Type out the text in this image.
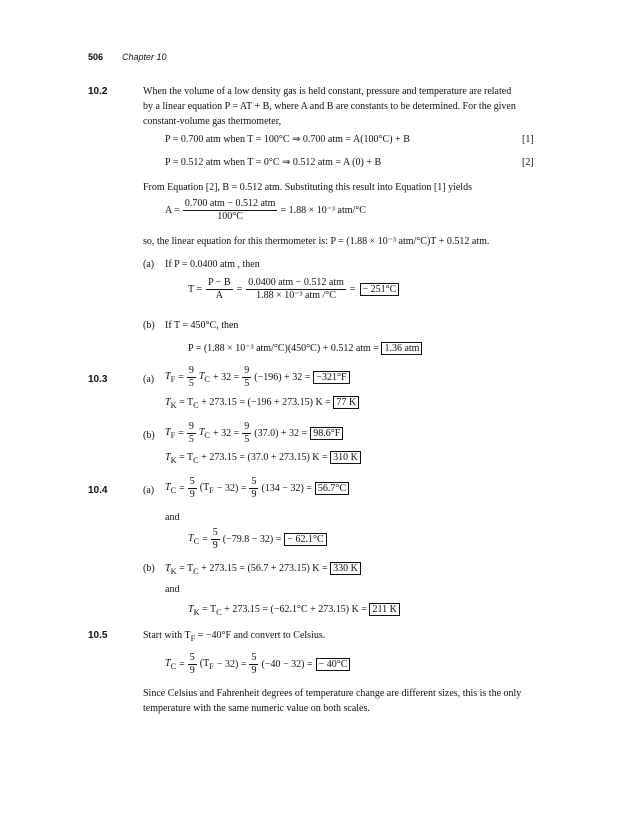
506 Chapter 10
10.2	When the volume of a low density gas is held constant, pressure and temperature are related
by a linear equation P = AT + B, where A and B are constants to be determined. For the given
constant-volume gas thermometer,
P = 0.700 atm when T = 100°C ⇒ 0.700 atm = A(100°C) + B	[1]
P = 0.512 atm when T = 0°C ⇒ 0.512 atm = A (0) + B	[2]
From Equation [2], B = 0.512 atm. Substituting this result into Equation [1] yields
$A = \frac{\text{0.700 atm − 0.512 atm}}{100^\circ C} = 1.88 \times 10^{-3}$ atm/°C
so, the linear equation for this thermometer is: P = (1.88 × 10⁻³ atm/°C)T + 0.512 atm.
(a) If P = 0.0400 atm , then
$T = \frac{P - B}{A} = \frac{\text{0.0400 atm − 0.512 atm}}{\text{1.88 × 10⁻³ atm /°C}}$ = − 251°C
(b) If T = 450°C, then
P = (1.88 × 10⁻³ atm/°C)(450°C) + 0.512 atm = 1.36 atm
10.3	(a) $T_F = \frac{9}{5} T_C + 32 = \frac{9}{5} (-196) + 32 = -321^\circ F$
$T_K = T_C + 273.15 = (-196 + 273.15) K = 77$ K
(b) $T_F = \frac{9}{5} T_C + 32 = \frac{9}{5} (37.0) + 32 = 98.6^\circ F$
$T_K = T_C + 273.15 = (37.0 + 273.15) K = 310$ K
10.4	(a) $T_C = \frac{5}{9} (T_F - 32) = \frac{5}{9} (134 - 32) = 56.7^\circ C$
and
$T_C = \frac{5}{9} (-79.8 - 32)$ = − 62.1°C
(b) $T_K = T_C + 273.15 = (56.7 + 273.15) K = 330$ K
and
$T_K = T_C + 273.15 = (-62.1^\circ C + 273.15) K = 211$ K
10.5	Start with $T_F = -40^\circ F$ and convert to Celsius.
$T_C = \frac{5}{9} (T_F - 32) = \frac{5}{9} (-40 - 32)$ = − 40°C
Since Celsius and Fahrenheit degrees of temperature change are different sizes, this is the only
temperature with the same numeric value on both scales.
